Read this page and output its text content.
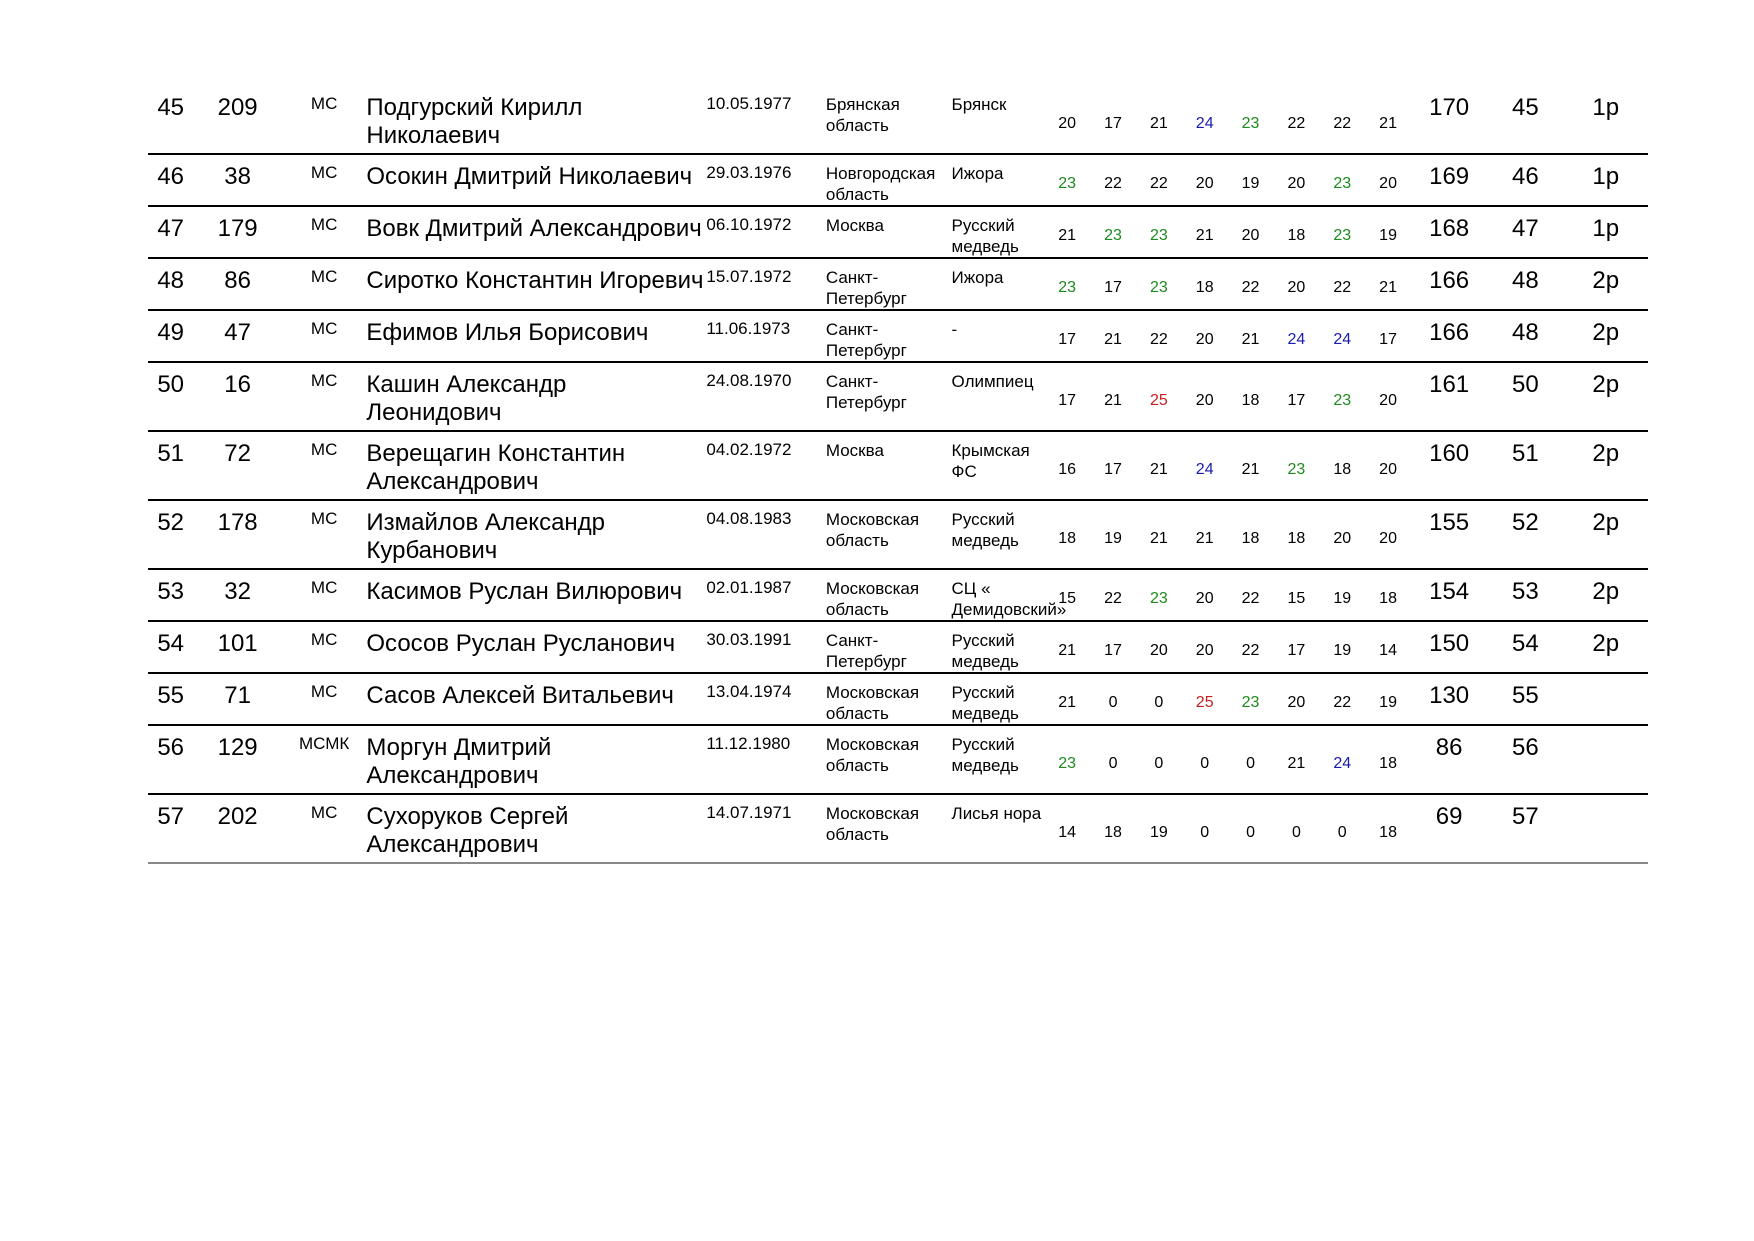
45	209	МС	Подгурский Кирилл Николаевич	10.05.1977	Брянская область	Брянск	20	17	21	24	23	22	22	21	170	45	1р
46	38	МС	Осокин Дмитрий Николаевич	29.03.1976	Новгородская область	Ижора	23	22	22	20	19	20	23	20	169	46	1р
47	179	МС	Вовк Дмитрий Александрович	06.10.1972	Москва	Русский медведь	21	23	23	21	20	18	23	19	168	47	1р
48	86	МС	Сиротко Константин Игоревич	15.07.1972	Санкт-Петербург	Ижора	23	17	23	18	22	20	22	21	166	48	2р
49	47	МС	Ефимов Илья Борисович	11.06.1973	Санкт-Петербург	-	17	21	22	20	21	24	24	17	166	48	2р
50	16	МС	Кашин Александр Леонидович	24.08.1970	Санкт-Петербург	Олимпиец	17	21	25	20	18	17	23	20	161	50	2р
51	72	МС	Верещагин Константин Александрович	04.02.1972	Москва	Крымская ФС	16	17	21	24	21	23	18	20	160	51	2р
52	178	МС	Измайлов Александр Курбанович	04.08.1983	Московская область	Русский медведь	18	19	21	21	18	18	20	20	155	52	2р
53	32	МС	Касимов Руслан Вилюрович	02.01.1987	Московская область	СЦ « Демидовский»	15	22	23	20	22	15	19	18	154	53	2р
54	101	МС	Ососов Руслан Русланович	30.03.1991	Санкт-Петербург	Русский медведь	21	17	20	20	22	17	19	14	150	54	2р
55	71	МС	Сасов Алексей Витальевич	13.04.1974	Московская область	Русский медведь	21	0	0	25	23	20	22	19	130	55	
56	129	МСМК	Моргун Дмитрий Александрович	11.12.1980	Московская область	Русский медведь	23	0	0	0	0	21	24	18	86	56	
57	202	МС	Сухоруков Сергей Александрович	14.07.1971	Московская область	Лисья нора	14	18	19	0	0	0	0	18	69	57	
